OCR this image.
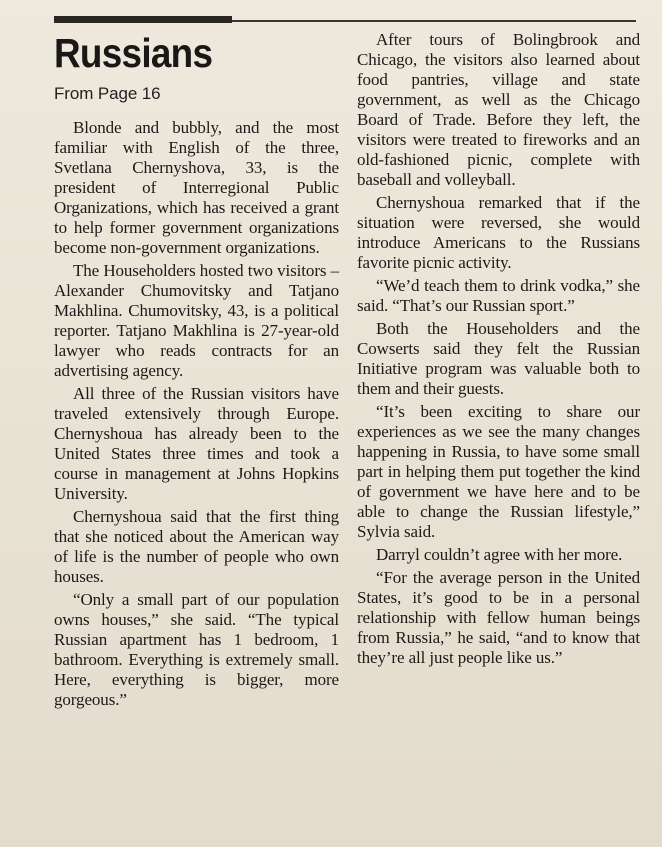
Russians
From Page 16

Blonde and bubbly, and the most familiar with English of the three, Svetlana Chernyshova, 33, is the president of Interregional Public Organizations, which has received a grant to help former government organizations become non-government organizations.

The Householders hosted two visitors – Alexander Chumovitsky and Tatjano Makhlina. Chumovitsky, 43, is a political reporter. Tatjano Makhlina is 27-year-old lawyer who reads contracts for an advertising agency.

All three of the Russian visitors have traveled extensively through Europe. Chernyshoua has already been to the United States three times and took a course in management at Johns Hopkins University.

Chernyshoua said that the first thing that she noticed about the American way of life is the number of people who own houses.

“Only a small part of our population owns houses,” she said. “The typical Russian apartment has 1 bedroom, 1 bathroom. Everything is extremely small. Here, everything is bigger, more gorgeous.”

After tours of Bolingbrook and Chicago, the visitors also learned about food pantries, village and state government, as well as the Chicago Board of Trade. Before they left, the visitors were treated to fireworks and an old-fashioned picnic, complete with baseball and volleyball.

Chernyshoua remarked that if the situation were reversed, she would introduce Americans to the Russians favorite picnic activity.

“We’d teach them to drink vodka,” she said. “That’s our Russian sport.”

Both the Householders and the Cowserts said they felt the Russian Initiative program was valuable both to them and their guests.

“It’s been exciting to share our experiences as we see the many changes happening in Russia, to have some small part in helping them put together the kind of government we have here and to be able to change the Russian lifestyle,” Sylvia said.

Darryl couldn’t agree with her more.

“For the average person in the United States, it’s good to be in a personal relationship with fellow human beings from Russia,” he said, “and to know that they’re all just people like us.”
